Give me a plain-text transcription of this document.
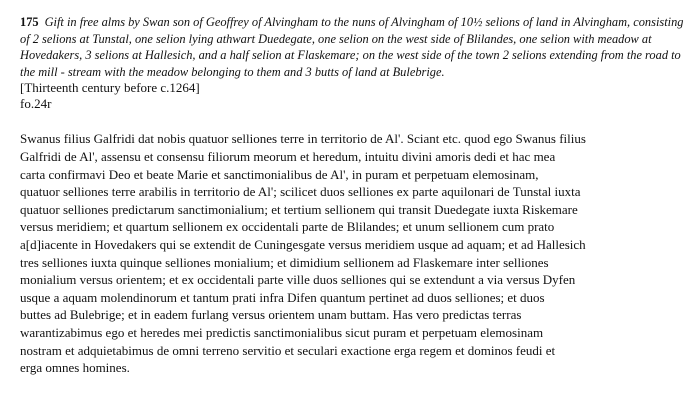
175 Gift in free alms by Swan son of Geoffrey of Alvingham to the nuns of Alvingham of 10½ selions of land in Alvingham, consisting of 2 selions at Tunstal, one selion lying athwart Duedegate, one selion on the west side of Blilandes, one selion with meadow at Hovedakers, 3 selions at Hallesich, and a half selion at Flaskemare; on the west side of the town 2 selions extending from the road to the mill - stream with the meadow belonging to them and 3 butts of land at Bulebrige.

[Thirteenth century before c.1264]

fo.24r

Swanus filius Galfridi dat nobis quatuor selliones terre in territorio de Al'. Sciant etc. quod ego Swanus filius
Galfridi de Al', assensu et consensu filiorum meorum et heredum, intuitu divini amoris dedi et hac mea
carta confirmavi Deo et beate Marie et sanctimonialibus de Al', in puram et perpetuam elemosinam,
quatuor selliones terre arabilis in territorio de Al'; scilicet duos selliones ex parte aquilonari de Tunstal iuxta
quatuor selliones predictarum sanctimonialium; et tertium sellionem qui transit Duedegate iuxta Riskemare
versus meridiem; et quartum sellionem ex occidentali parte de Blilandes; et unum sellionem cum prato
a[d]iacente in Hovedakers qui se extendit de Cuningesgate versus meridiem usque ad aquam; et ad Hallesich
tres selliones iuxta quinque selliones monialium; et dimidium sellionem ad Flaskemare inter selliones
monialium versus orientem; et ex occidentali parte ville duos selliones qui se extendunt a via versus Dyfen
usque a aquam molendinorum et tantum prati infra Difen quantum pertinet ad duos selliones; et duos
buttes ad Bulebrige; et in eadem furlang versus orientem unam buttam. Has vero predictas terras
warantizabimus ego et heredes mei predictis sanctimonialibus sicut puram et perpetuam elemosinam
nostram et adquietabimus de omni terreno servitio et seculari exactione erga regem et dominos feudi et
erga omnes homines.
